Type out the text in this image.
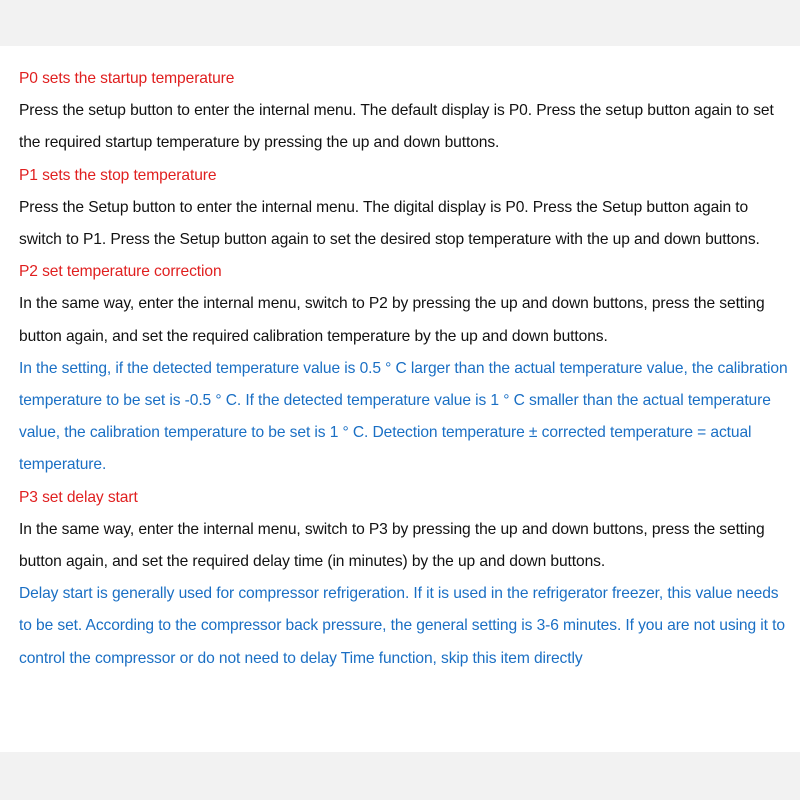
P0 sets the startup temperature

Press the setup button to enter the internal menu. The default display is P0. Press the setup button again to set the required startup temperature by pressing the up and down buttons.

P1 sets the stop temperature

Press the Setup button to enter the internal menu. The digital display is P0. Press the Setup button again to switch to P1. Press the Setup button again to set the desired stop temperature with the up and down buttons.

P2 set temperature correction

In the same way, enter the internal menu, switch to P2 by pressing the up and down buttons, press the setting button again, and set the required calibration temperature by the up and down buttons.

In the setting, if the detected temperature value is 0.5 ° C larger than the actual temperature value, the calibration temperature to be set is -0.5 ° C. If the detected temperature value is 1 ° C smaller than the actual temperature value, the calibration temperature to be set is 1 ° C. Detection temperature ± corrected temperature = actual temperature.

P3 set delay start

In the same way, enter the internal menu, switch to P3 by pressing the up and down buttons, press the setting button again, and set the required delay time (in minutes) by the up and down buttons.

Delay start is generally used for compressor refrigeration. If it is used in the refrigerator freezer, this value needs to be set. According to the compressor back pressure, the general setting is 3-6 minutes. If you are not using it to control the compressor or do not need to delay Time function, skip this item directly
